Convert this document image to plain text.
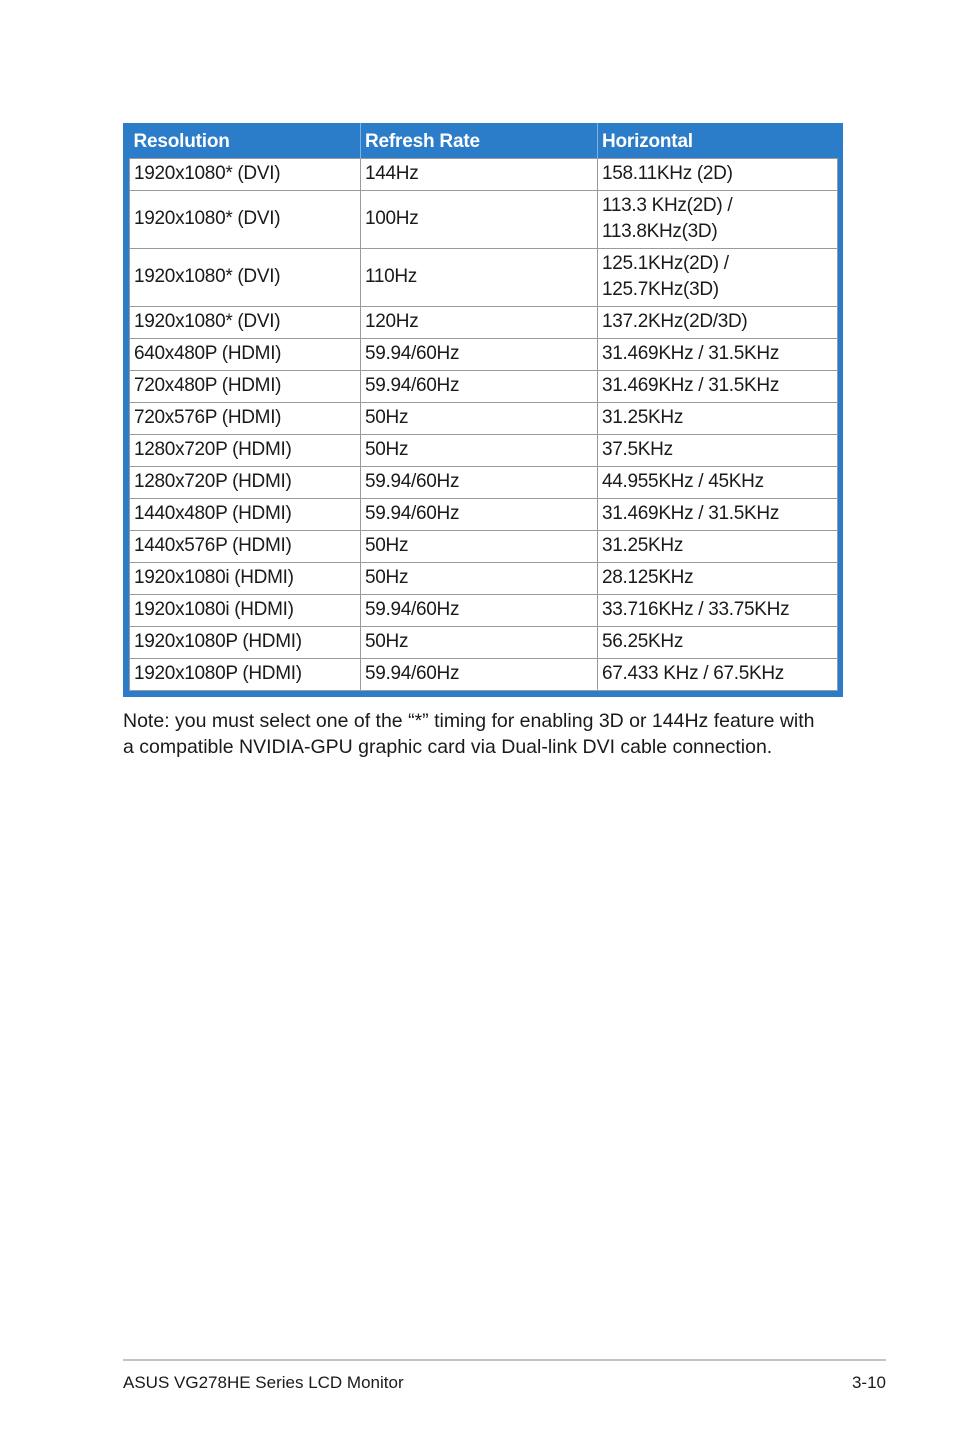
Resolution	Refresh Rate	Horizontal
1920x1080* (DVI)	144Hz	158.11KHz (2D)
1920x1080* (DVI)	100Hz	113.3 KHz(2D) / 113.8KHz(3D)
1920x1080* (DVI)	110Hz	125.1KHz(2D) / 125.7KHz(3D)
1920x1080* (DVI)	120Hz	137.2KHz(2D/3D)
640x480P (HDMI)	59.94/60Hz	31.469KHz / 31.5KHz
720x480P (HDMI)	59.94/60Hz	31.469KHz / 31.5KHz
720x576P (HDMI)	50Hz	31.25KHz
1280x720P (HDMI)	50Hz	37.5KHz
1280x720P (HDMI)	59.94/60Hz	44.955KHz / 45KHz
1440x480P (HDMI)	59.94/60Hz	31.469KHz / 31.5KHz
1440x576P (HDMI)	50Hz	31.25KHz
1920x1080i (HDMI)	50Hz	28.125KHz
1920x1080i (HDMI)	59.94/60Hz	33.716KHz / 33.75KHz
1920x1080P (HDMI)	50Hz	56.25KHz
1920x1080P (HDMI)	59.94/60Hz	67.433 KHz / 67.5KHz

Note: you must select one of the “*” timing for enabling 3D or 144Hz feature with a compatible NVIDIA-GPU graphic card via Dual-link DVI cable connection.

ASUS VG278HE Series LCD Monitor	3-10
